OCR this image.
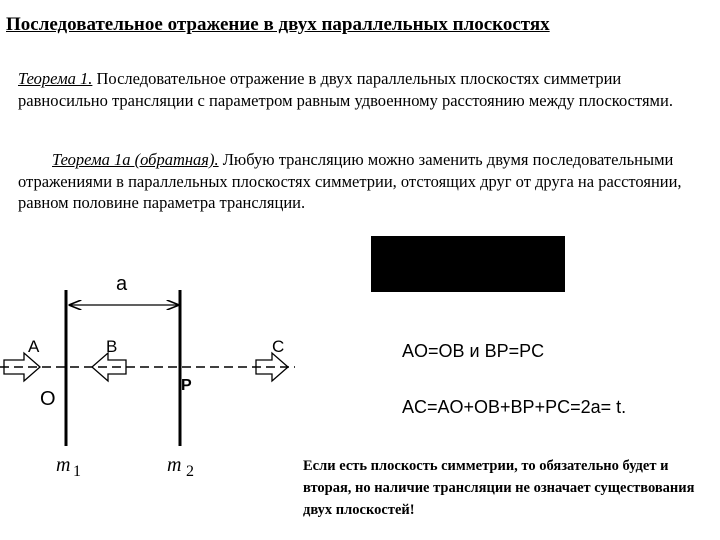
Последовательное отражение в двух параллельных плоскостях

Теорема 1. Последовательное отражение в двух параллельных плоскостях симметрии равносильно трансляции с параметром равным удвоенному расстоянию между плоскостями.

Теорема 1а (обратная). Любую трансляцию можно заменить двумя последовательными отражениями в параллельных плоскостях симметрии, отстоящих друг от друга на расстоянии, равном половине параметра трансляции.

a
A	B	C
O
P
m 1	m 2
AO=OB и BP=PC
AC=AO+OB+BP+PC=2a= t.
Если есть плоскость симметрии, то обязательно будет и вторая, но наличие трансляции не означает существования двух плоскостей!
